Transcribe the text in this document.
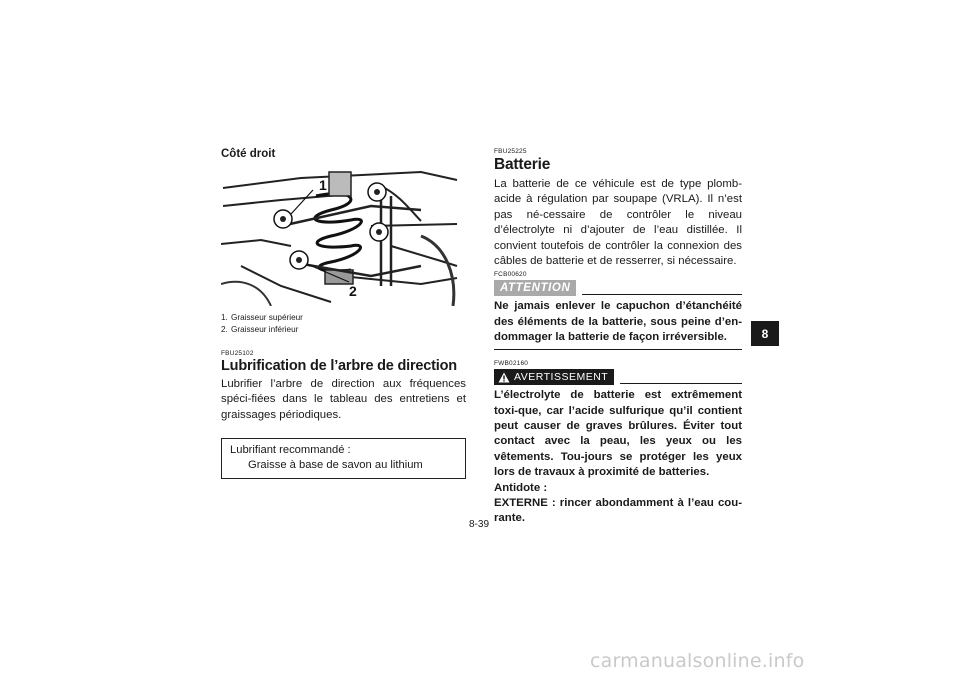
Côté droit
1
2
1. Graisseur supérieur
2. Graisseur inférieur
FBU25102
Lubrification de l’arbre de direction

Lubrifier l’arbre de direction aux fréquences spéci-fiées dans le tableau des entretiens et graissages périodiques.

Lubrifiant recommandé :
Graisse à base de savon au lithium
FBU25225
Batterie

La batterie de ce véhicule est de type plomb-acide à régulation par soupape (VRLA). Il n’est pas né-cessaire de contrôler le niveau d’électrolyte ni d’ajouter de l’eau distillée. Il convient toutefois de contrôler la connexion des câbles de batterie et de resserrer, si nécessaire.

FCB00620
ATTENTION

Ne jamais enlever le capuchon d’étanchéité des éléments de la batterie, sous peine d’en-dommager la batterie de façon irréversible.

FWB02160
AVERTISSEMENT

L’électrolyte de batterie est extrêmement toxi-que, car l’acide sulfurique qu’il contient peut causer de graves brûlures. Éviter tout contact avec la peau, les yeux ou les vêtements. Tou-jours se protéger les yeux lors de travaux à proximité de batteries.

Antidote :

EXTERNE : rincer abondamment à l’eau cou-rante.

8
8-39
carmanualsonline.info
